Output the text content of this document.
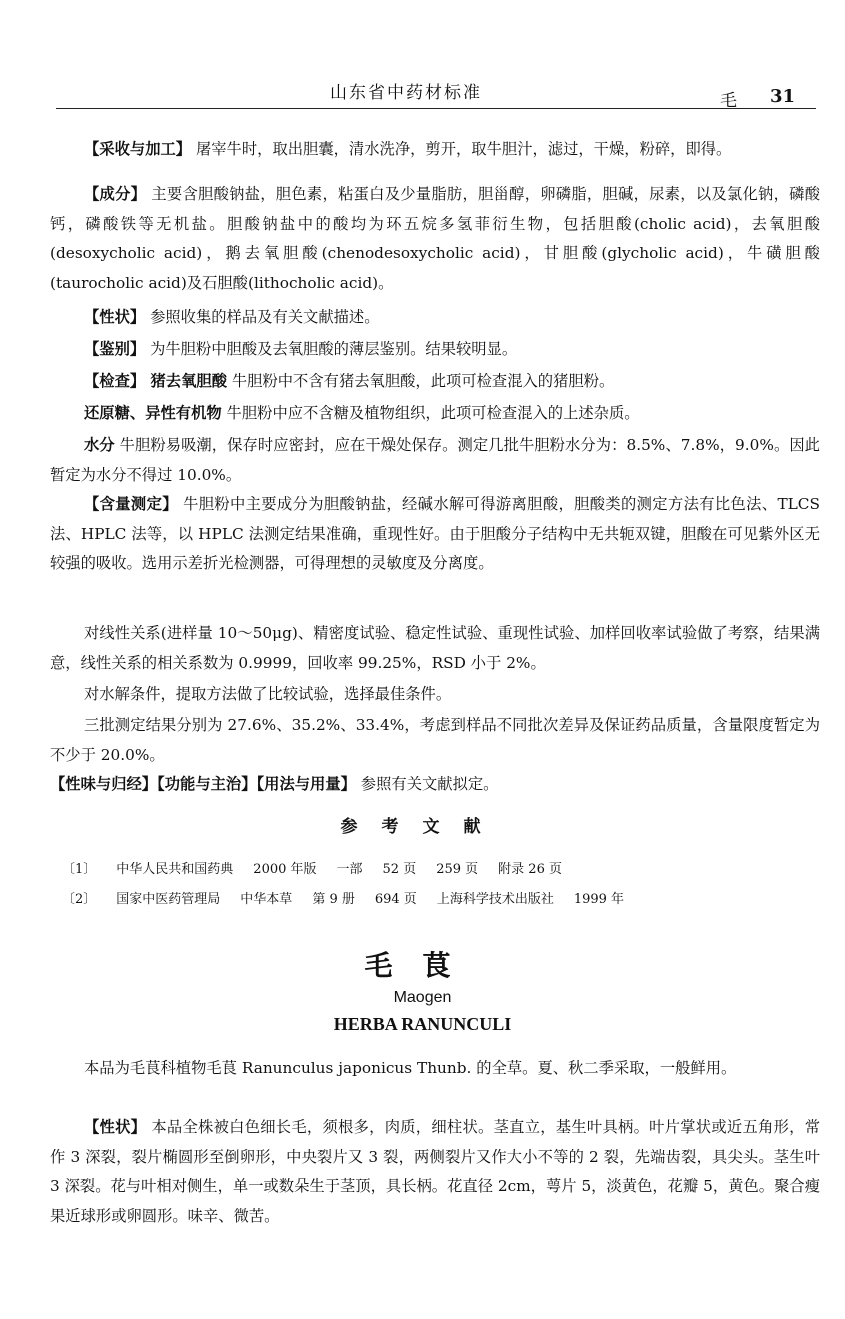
山东省中药材标准	毛 31
【采收与加工】 屠宰牛时，取出胆囊，清水洗净，剪开，取牛胆汁，滤过，干燥，粉碎，即得。
【成分】 主要含胆酸钠盐，胆色素，粘蛋白及少量脂肪，胆甾醇，卵磷脂，胆碱，尿素，以及氯化钠，磷酸钙，磷酸铁等无机盐。胆酸钠盐中的酸均为环五烷多氢菲衍生物，包括胆酸(cholic acid)，去氧胆酸(desoxycholic acid)，鹅去氧胆酸(chenodesoxycholic acid)，甘胆酸(glycholic acid)，牛磺胆酸(taurocholic acid)及石胆酸(lithocholic acid)。
【性状】 参照收集的样品及有关文献描述。
【鉴别】 为牛胆粉中胆酸及去氧胆酸的薄层鉴别。结果较明显。
【检查】 猪去氧胆酸 牛胆粉中不含有猪去氧胆酸，此项可检查混入的猪胆粉。
还原糖、异性有机物 牛胆粉中应不含糖及植物组织，此项可检查混入的上述杂质。
水分 牛胆粉易吸潮，保存时应密封，应在干燥处保存。测定几批牛胆粉水分为：8.5%、7.8%，9.0%。因此暂定为水分不得过 10.0%。
【含量测定】 牛胆粉中主要成分为胆酸钠盐，经碱水解可得游离胆酸，胆酸类的测定方法有比色法、TLCS 法、HPLC 法等，以 HPLC 法测定结果准确，重现性好。由于胆酸分子结构中无共轭双键，胆酸在可见紫外区无较强的吸收。选用示差折光检测器，可得理想的灵敏度及分离度。
对线性关系(进样量 10～50μg)、精密度试验、稳定性试验、重现性试验、加样回收率试验做了考察，结果满意，线性关系的相关系数为 0.9999，回收率 99.25%，RSD 小于 2%。
对水解条件，提取方法做了比较试验，选择最佳条件。
三批测定结果分别为 27.6%、35.2%、33.4%，考虑到样品不同批次差异及保证药品质量，含量限度暂定为不少于 20.0%。
【性味与归经】【功能与主治】【用法与用量】 参照有关文献拟定。
参考文献
〔1〕 中华人民共和国药典 2000 年版 一部 52 页 259 页 附录 26 页
〔2〕 国家中医药管理局 中华本草 第 9 册 694 页 上海科学技术出版社 1999 年
毛茛
Maogen
HERBA RANUNCULI
本品为毛茛科植物毛茛 Ranunculus japonicus Thunb. 的全草。夏、秋二季采取，一般鲜用。
【性状】 本品全株被白色细长毛，须根多，肉质，细柱状。茎直立，基生叶具柄。叶片掌状或近五角形，常作 3 深裂，裂片椭圆形至倒卵形，中央裂片又 3 裂，两侧裂片又作大小不等的 2 裂，先端齿裂，具尖头。茎生叶 3 深裂。花与叶相对侧生，单一或数朵生于茎顶，具长柄。花直径 2cm，萼片 5，淡黄色，花瓣 5，黄色。聚合瘦果近球形或卵圆形。味辛、微苦。
